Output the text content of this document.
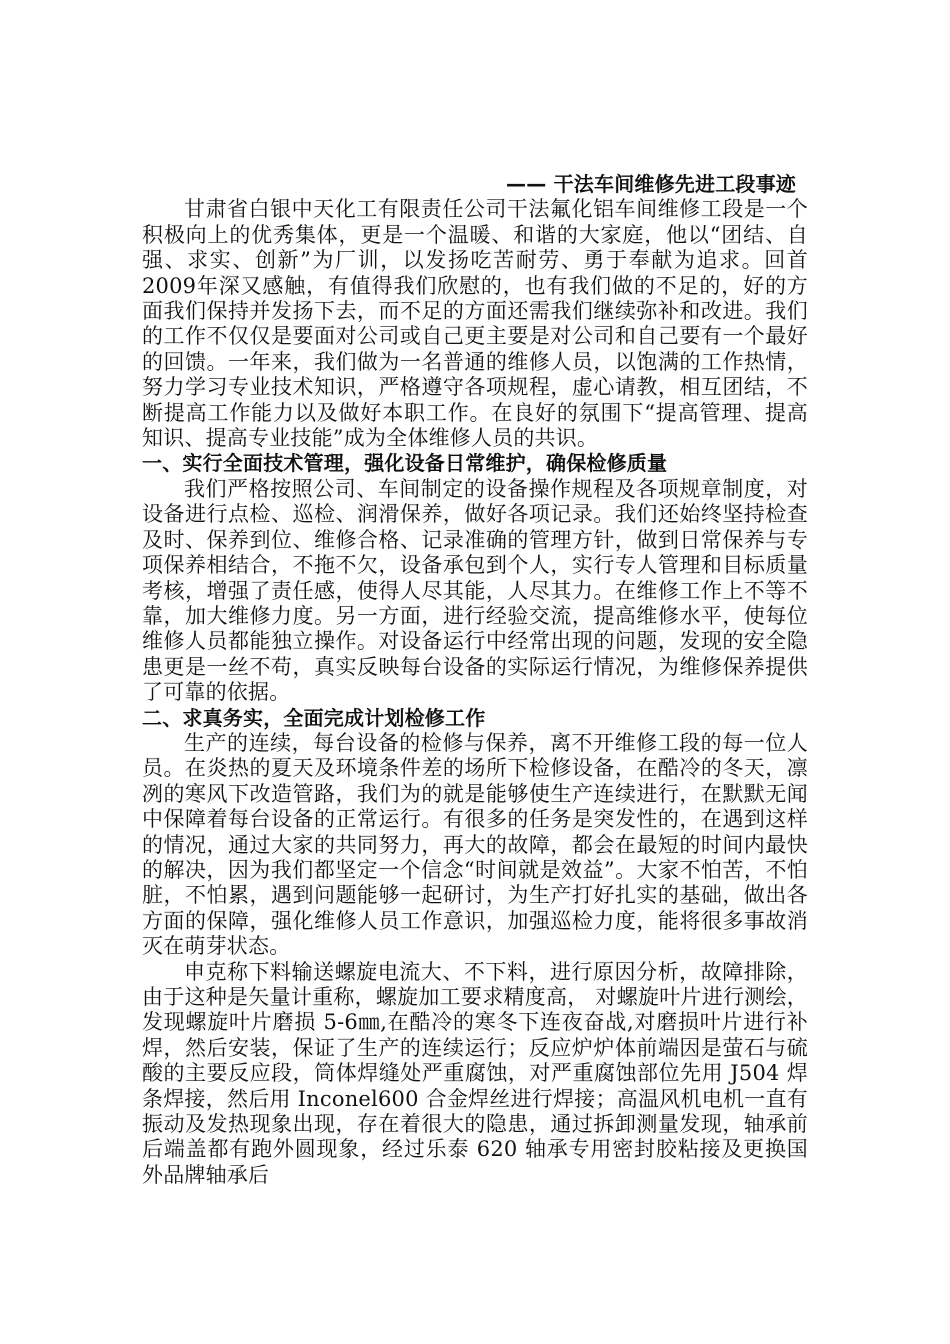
—— 干法车间维修先进工段事迹

甘肃省白银中天化工有限责任公司干法氟化铝车间维修工段是一个积极向上的优秀集体，更是一个温暖、和谐的大家庭，他以“团结、自强、求实、创新”为厂训，以发扬吃苦耐劳、勇于奉献为追求。回首2009年深又感触，有值得我们欣慰的，也有我们做的不足的，好的方面我们保持并发扬下去，而不足的方面还需我们继续弥补和改进。我们的工作不仅仅是要面对公司或自己更主要是对公司和自己要有一个最好的回馈。一年来，我们做为一名普通的维修人员，以饱满的工作热情，努力学习专业技术知识，严格遵守各项规程，虚心请教，相互团结，不断提高工作能力以及做好本职工作。在良好的氛围下“提高管理、提高知识、提高专业技能”成为全体维修人员的共识。

一、实行全面技术管理，强化设备日常维护，确保检修质量

我们严格按照公司、车间制定的设备操作规程及各项规章制度，对设备进行点检、巡检、润滑保养，做好各项记录。我们还始终坚持检查及时、保养到位、维修合格、记录准确的管理方针，做到日常保养与专项保养相结合，不拖不欠，设备承包到个人，实行专人管理和目标质量考核，增强了责任感，使得人尽其能，人尽其力。在维修工作上不等不靠，加大维修力度。另一方面，进行经验交流，提高维修水平，使每位维修人员都能独立操作。对设备运行中经常出现的问题，发现的安全隐患更是一丝不苟，真实反映每台设备的实际运行情况，为维修保养提供了可靠的依据。

二、求真务实，全面完成计划检修工作

生产的连续，每台设备的检修与保养，离不开维修工段的每一位人员。在炎热的夏天及环境条件差的场所下检修设备，在酷冷的冬天，凛冽的寒风下改造管路，我们为的就是能够使生产连续进行，在默默无闻中保障着每台设备的正常运行。有很多的任务是突发性的，在遇到这样的情况，通过大家的共同努力，再大的故障，都会在最短的时间内最快的解决，因为我们都坚定一个信念“时间就是效益”。大家不怕苦，不怕脏，不怕累，遇到问题能够一起研讨，为生产打好扎实的基础，做出各方面的保障，强化维修人员工作意识，加强巡检力度，能将很多事故消灭在萌芽状态。

申克称下料输送螺旋电流大、不下料，进行原因分析，故障排除，由于这种是矢量计重称，螺旋加工要求精度高， 对螺旋叶片进行测绘， 发现螺旋叶片磨损 5-6㎜,在酷冷的寒冬下连夜奋战,对磨损叶片进行补焊，然后安装，保证了生产的连续运行；反应炉炉体前端因是萤石与硫酸的主要反应段，筒体焊缝处严重腐蚀，对严重腐蚀部位先用 J504 焊条焊接，然后用 Inconel600 合金焊丝进行焊接；高温风机电机一直有振动及发热现象出现，存在着很大的隐患，通过拆卸测量发现，轴承前后端盖都有跑外圆现象，经过乐泰 620 轴承专用密封胶粘接及更换国外品牌轴承后
